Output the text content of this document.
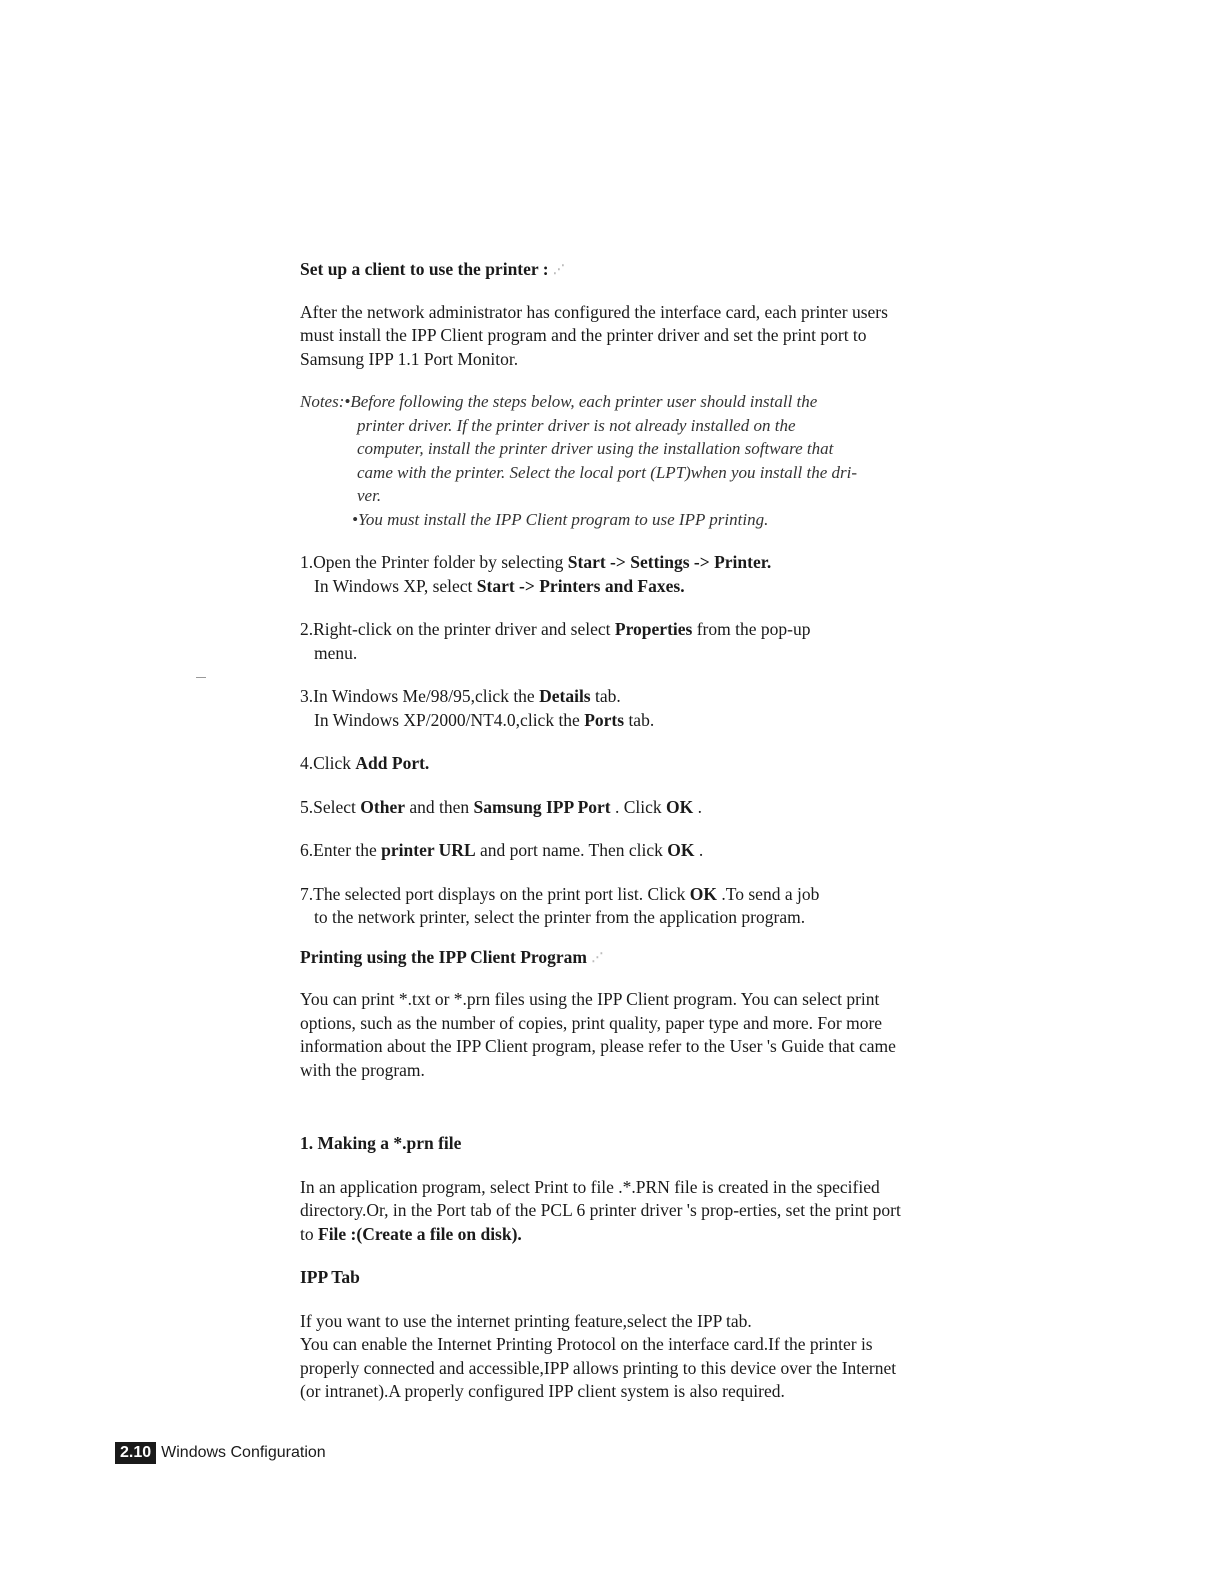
Set up a client to use the printer : ⋰

After the network administrator has configured the interface card, each printer users must install the IPP Client program and the printer driver and set the print port to Samsung IPP 1.1 Port Monitor.

Notes:•Before following the steps below, each printer user should install the
printer driver. If the printer driver is not already installed on the
computer, install the printer driver using the installation software that
came with the printer. Select the local port (LPT)when you install the dri-
ver.
•You must install the IPP Client program to use IPP printing.
1.Open the Printer folder by selecting Start -> Settings -> Printer.
In Windows XP, select Start -> Printers and Faxes.
2.Right-click on the printer driver and select Properties from the pop-up
menu.
3.In Windows Me/98/95,click the Details tab.
In Windows XP/2000/NT4.0,click the Ports tab.
4.Click Add Port.
5.Select Other and then Samsung IPP Port . Click OK .
6.Enter the printer URL and port name. Then click OK .
7.The selected port displays on the print port list. Click OK .To send a job
to the network printer, select the printer from the application program.

Printing using the IPP Client Program ⋰

You can print *.txt or *.prn files using the IPP Client program. You can select print options, such as the number of copies, print quality, paper type and more. For more information about the IPP Client program, please refer to the User 's Guide that came with the program.

1. Making a *.prn file

In an application program, select Print to file .*.PRN file is created in the specified directory.Or, in the Port tab of the PCL 6 printer driver 's prop-erties, set the print port to File :(Create a file on disk).

IPP Tab

If you want to use the internet printing feature,select the IPP tab.
You can enable the Internet Printing Protocol on the interface card.If the printer is properly connected and accessible,IPP allows printing to this device over the Internet (or intranet).A properly configured IPP client system is also required.

2.10 Windows Configuration
